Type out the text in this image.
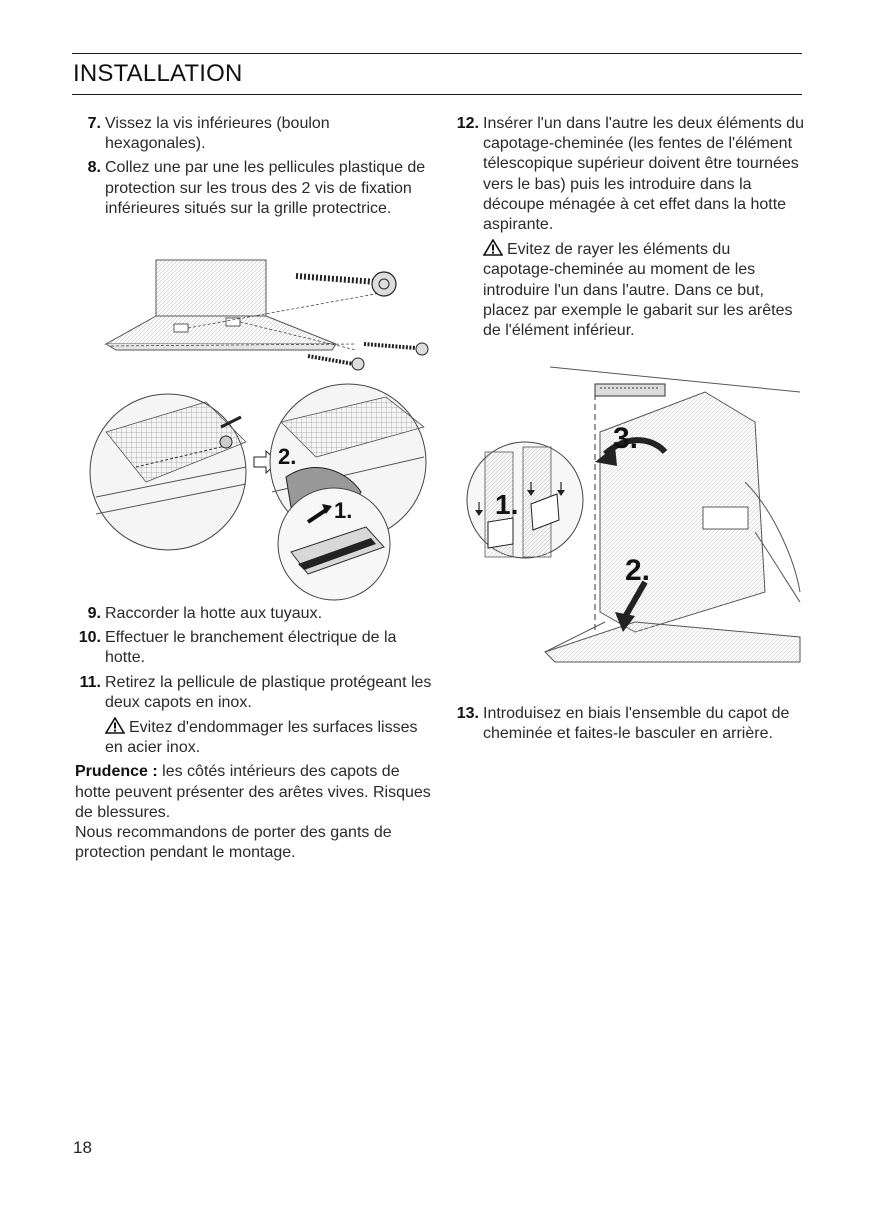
INSTALLATION
7. Vissez la vis inférieures (boulon hexagonales).
8. Collez une par une les pellicules plastique de protection sur les trous des 2 vis de fixation inférieures situés sur la grille protectrice.
2.
1.
9. Raccorder la hotte aux tuyaux.
10. Effectuer le branchement électrique de la hotte.
11. Retirez la pellicule de plastique protégeant les deux capots en inox.
Evitez d'endommager les surfaces lisses en acier inox.

Prudence : les côtés intérieurs des capots de hotte peuvent présenter des arêtes vives. Risques de blessures.

Nous recommandons de porter des gants de protection pendant le montage.

12. Insérer l'un dans l'autre les deux éléments du capotage-cheminée (les fentes de l'élément télescopique supérieur doivent être tournées vers le bas) puis les introduire dans la découpe ménagée à cet effet dans la hotte aspirante.
Evitez de rayer les éléments du capotage-cheminée au moment de les introduire l'un dans l'autre. Dans ce but, placez par exemple le gabarit sur les arêtes de l'élément inférieur.
3.
1.
2.
13. Introduisez en biais l'ensemble du capot de cheminée et faites-le basculer en arrière.
18
